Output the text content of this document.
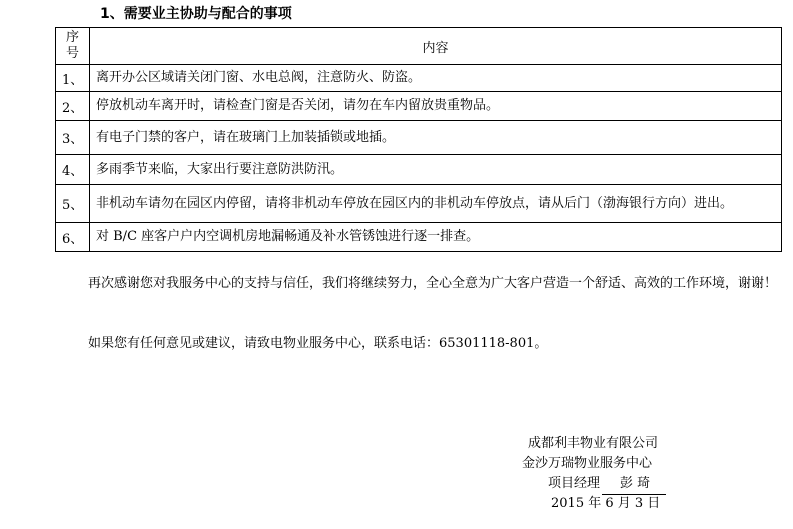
1、需要业主协助与配合的事项
序号	内容
1、	离开办公区域请关闭门窗、水电总阀，注意防火、防盗。
2、	停放机动车离开时，请检查门窗是否关闭，请勿在车内留放贵重物品。
3、	有电子门禁的客户，请在玻璃门上加装插锁或地插。
4、	多雨季节来临，大家出行要注意防洪防汛。
5、	非机动车请勿在园区内停留，请将非机动车停放在园区内的非机动车停放点，请从后门（渤海银行方向）进出。
6、	对 B/C 座客户户内空调机房地漏畅通及补水管锈蚀进行逐一排查。
再次感谢您对我服务中心的支持与信任，我们将继续努力，全心全意为广大客户营造一个舒适、高效的工作环境，谢谢！
如果您有任何意见或建议，请致电物业服务中心，联系电话：65301118-801。
成都利丰物业有限公司
金沙万瑞物业服务中心
项目经理 彭 琦
2015 年 6 月 3 日
